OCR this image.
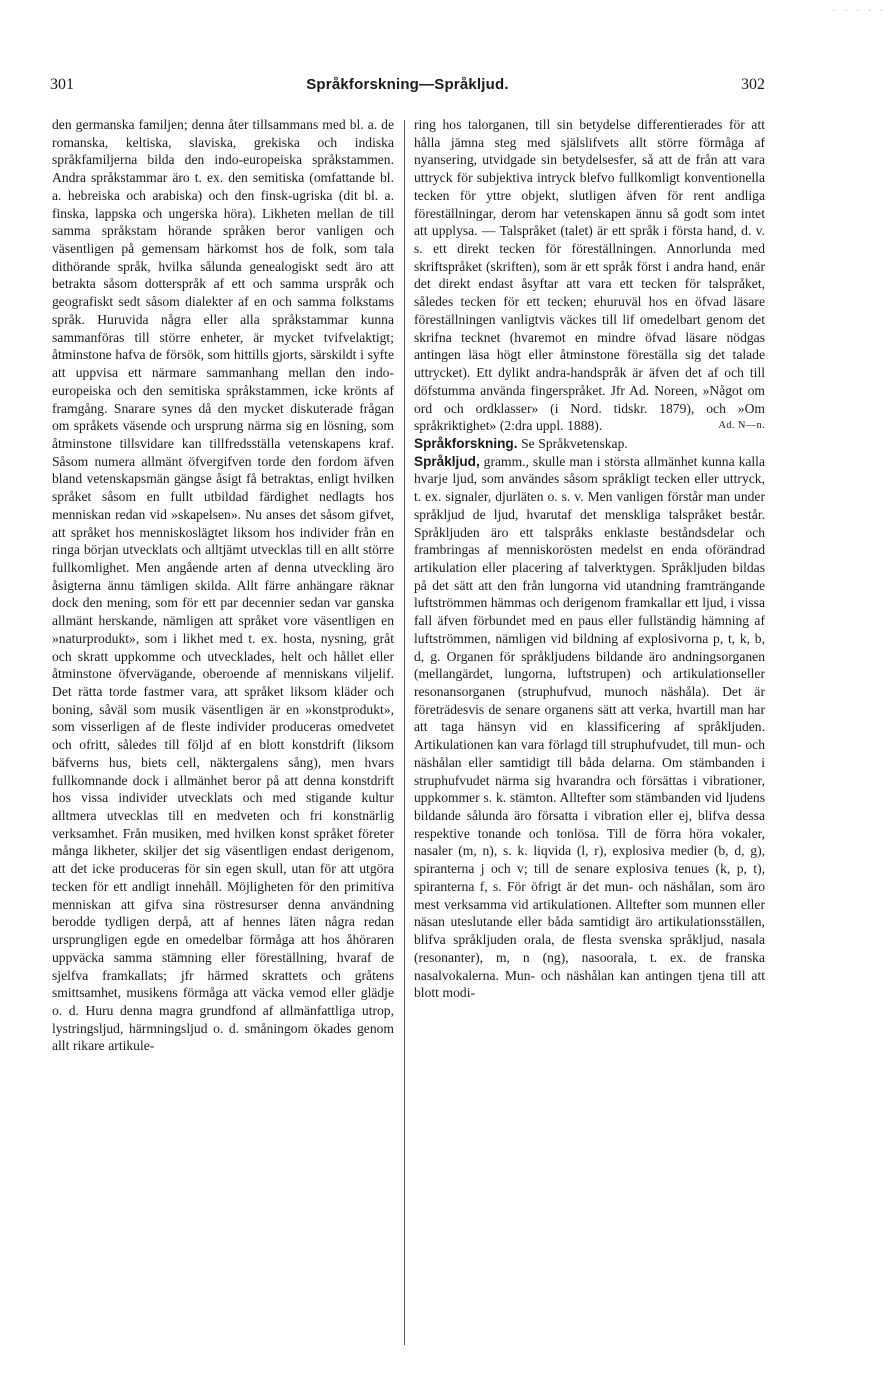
· · · · ·
301	Språkforskning—Språkljud.	302

den germanska familjen; denna åter tillsammans med bl. a. de romanska, keltiska, slaviska, grekiska och indiska språkfamiljerna bilda den indo-europeiska språkstammen. Andra språkstammar äro t. ex. den semitiska (omfattande bl. a. hebreiska och arabiska) och den finsk-ugriska (dit bl. a. finska, lappska och ungerska höra). Likheten mellan de till samma språkstam hörande språken beror vanligen och väsentligen på gemensam härkomst hos de folk, som tala dithörande språk, hvilka sålunda genealogiskt sedt äro att betrakta såsom dotterspråk af ett och samma urspråk och geografiskt sedt såsom dialekter af en och samma folkstams språk. Huruvida några eller alla språkstammar kunna sammanföras till större enheter, är mycket tvifvelaktigt; åtminstone hafva de försök, som hittills gjorts, särskildt i syfte att uppvisa ett närmare sammanhang mellan den indo-europeiska och den semitiska språkstammen, icke krönts af framgång. Snarare synes då den mycket diskuterade frågan om språkets väsende och ursprung närma sig en lösning, som åtminstone tillsvidare kan tillfredsställa vetenskapens kraf. Såsom numera allmänt öfvergifven torde den fordom äfven bland vetenskapsmän gängse åsigt få betraktas, enligt hvilken språket såsom en fullt utbildad färdighet nedlagts hos menniskan redan vid »skapelsen». Nu anses det såsom gifvet, att språket hos menniskoslägtet liksom hos individer från en ringa början utvecklats och alltjämt utvecklas till en allt större fullkomlighet. Men angående arten af denna utveckling äro åsigterna ännu tämligen skilda. Allt färre anhängare räknar dock den mening, som för ett par decennier sedan var ganska allmänt herskande, nämligen att språket vore väsentligen en »naturprodukt», som i likhet med t. ex. hosta, nysning, gråt och skratt uppkomme och utvecklades, helt och hållet eller åtminstone öfvervägande, oberoende af menniskans viljelif. Det rätta torde fastmer vara, att språket liksom kläder och boning, såväl som musik väsentligen är en »konstprodukt», som visserligen af de fleste individer produceras omedvetet och ofritt, således till följd af en blott konstdrift (liksom bäfverns hus, biets cell, näktergalens sång), men hvars fullkomnande dock i allmänhet beror på att denna konstdrift hos vissa individer utvecklats och med stigande kultur alltmera utvecklas till en medveten och fri konstnärlig verksamhet. Från musiken, med hvilken konst språket företer många likheter, skiljer det sig väsentligen endast derigenom, att det icke produceras för sin egen skull, utan för att utgöra tecken för ett andligt innehåll. Möjligheten för den primitiva menniskan att gifva sina röstresurser denna användning berodde tydligen derpå, att af hennes läten några redan ursprungligen egde en omedelbar förmåga att hos åhöraren uppväcka samma stämning eller föreställning, hvaraf de sjelfva framkallats; jfr härmed skrattets och gråtens smittsamhet, musikens förmåga att väcka vemod eller glädje o. d. Huru denna magra grundfond af allmänfattliga utrop, lystringsljud, härmningsljud o. d. småningom ökades genom allt rikare artikule-

ring hos talorganen, till sin betydelse differentierades för att hålla jämna steg med själslifvets allt större förmåga af nyansering, utvidgade sin betydelsesfer, så att de från att vara uttryck för subjektiva intryck blefvo fullkomligt konventionella tecken för yttre objekt, slutligen äfven för rent andliga föreställningar, derom har vetenskapen ännu så godt som intet att upplysa. — Talspråket (talet) är ett språk i första hand, d. v. s. ett direkt tecken för föreställningen. Annorlunda med skriftspråket (skriften), som är ett språk först i andra hand, enär det direkt endast åsyftar att vara ett tecken för talspråket, således tecken för ett tecken; ehuruväl hos en öfvad läsare föreställningen vanligtvis väckes till lif omedelbart genom det skrifna tecknet (hvaremot en mindre öfvad läsare nödgas antingen läsa högt eller åtminstone föreställa sig det talade uttrycket). Ett dylikt andra-handspråk är äfven det af och till döfstumma använda fingerspråket. Jfr Ad. Noreen, »Något om ord och ordklasser» (i Nord. tidskr. 1879), och »Om språkriktighet» (2:dra uppl. 1888).	Ad. N—n.

Språkforskning. Se Språkvetenskap.

Språkljud, gramm., skulle man i största allmänhet kunna kalla hvarje ljud, som användes såsom språkligt tecken eller uttryck, t. ex. signaler, djurläten o. s. v. Men vanligen förstår man under språkljud de ljud, hvarutaf det menskliga talspråket består. Språkljuden äro ett talspråks enklaste beståndsdelar och frambringas af menniskorösten medelst en enda oförändrad artikulation eller placering af talverktygen. Språkljuden bildas på det sätt att den från lungorna vid utandning framträngande luftströmmen hämmas och derigenom framkallar ett ljud, i vissa fall äfven förbundet med en paus eller fullständig hämning af luftströmmen, nämligen vid bildning af explosivorna p, t, k, b, d, g. Organen för språkljudens bildande äro andningsorganen (mellangärdet, lungorna, luftstrupen) och artikulationseller resonansorganen (struphufvud, munoch näshåla). Det är företrädesvis de senare organens sätt att verka, hvartill man har att taga hänsyn vid en klassificering af språkljuden. Artikulationen kan vara förlagd till struphufvudet, till mun- och näshålan eller samtidigt till båda delarna. Om stämbanden i struphufvudet närma sig hvarandra och försättas i vibrationer, uppkommer s. k. stämton. Alltefter som stämbanden vid ljudens bildande sålunda äro försatta i vibration eller ej, blifva dessa respektive tonande och tonlösa. Till de förra höra vokaler, nasaler (m, n), s. k. liqvida (l, r), explosiva medier (b, d, g), spiranterna j och v; till de senare explosiva tenues (k, p, t), spiranterna f, s. För öfrigt är det mun- och näshålan, som äro mest verksamma vid artikulationen. Alltefter som munnen eller näsan uteslutande eller båda samtidigt äro artikulationsställen, blifva språkljuden orala, de flesta svenska språkljud, nasala (resonanter), m, n (ng), nasoorala, t. ex. de franska nasalvokalerna. Mun- och näshålan kan antingen tjena till att blott modi-
